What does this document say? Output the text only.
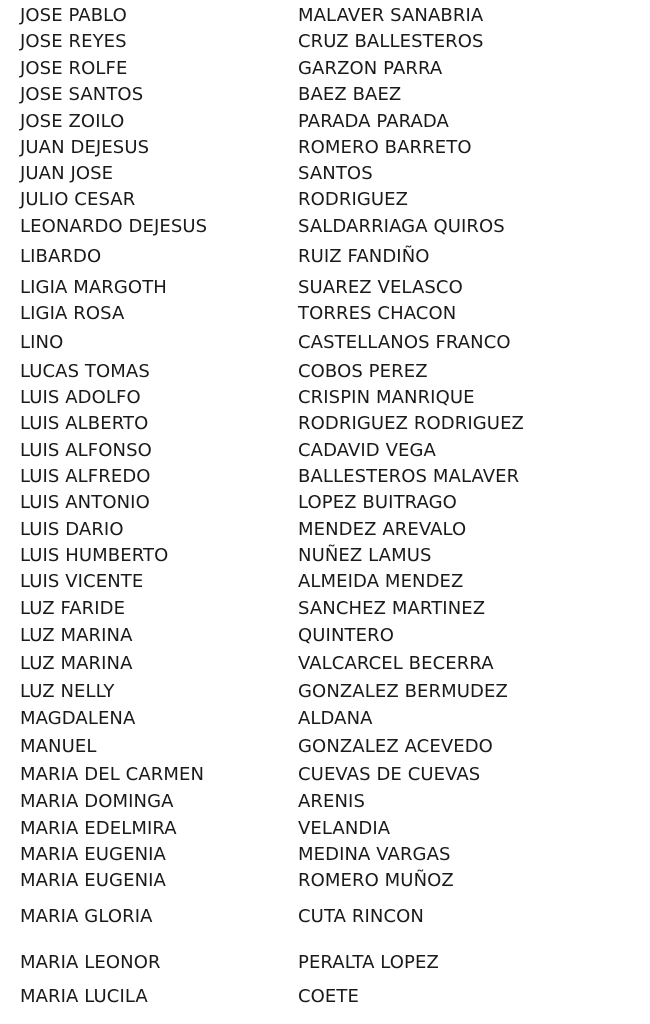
JOSE PABLO	MALAVER SANABRIA
JOSE REYES	CRUZ BALLESTEROS
JOSE ROLFE	GARZON PARRA
JOSE SANTOS	BAEZ BAEZ
JOSE ZOILO	PARADA PARADA
JUAN DEJESUS	ROMERO BARRETO
JUAN JOSE	SANTOS
JULIO CESAR	RODRIGUEZ
LEONARDO DEJESUS	SALDARRIAGA QUIROS
LIBARDO	RUIZ FANDIÑO
LIGIA MARGOTH	SUAREZ VELASCO
LIGIA ROSA	TORRES CHACON
LINO	CASTELLANOS FRANCO
LUCAS TOMAS	COBOS PEREZ
LUIS ADOLFO	CRISPIN MANRIQUE
LUIS ALBERTO	RODRIGUEZ RODRIGUEZ
LUIS ALFONSO	CADAVID VEGA
LUIS ALFREDO	BALLESTEROS MALAVER
LUIS ANTONIO	LOPEZ BUITRAGO
LUIS DARIO	MENDEZ AREVALO
LUIS HUMBERTO	NUÑEZ LAMUS
LUIS VICENTE	ALMEIDA MENDEZ
LUZ FARIDE	SANCHEZ MARTINEZ
LUZ MARINA	QUINTERO
LUZ MARINA	VALCARCEL BECERRA
LUZ NELLY	GONZALEZ BERMUDEZ
MAGDALENA	ALDANA
MANUEL	GONZALEZ ACEVEDO
MARIA DEL CARMEN	CUEVAS DE CUEVAS
MARIA DOMINGA	ARENIS
MARIA EDELMIRA	VELANDIA
MARIA EUGENIA	MEDINA VARGAS
MARIA EUGENIA	ROMERO MUÑOZ
MARIA GLORIA	CUTA RINCON
MARIA LEONOR	PERALTA LOPEZ
MARIA LUCILA	COETE
